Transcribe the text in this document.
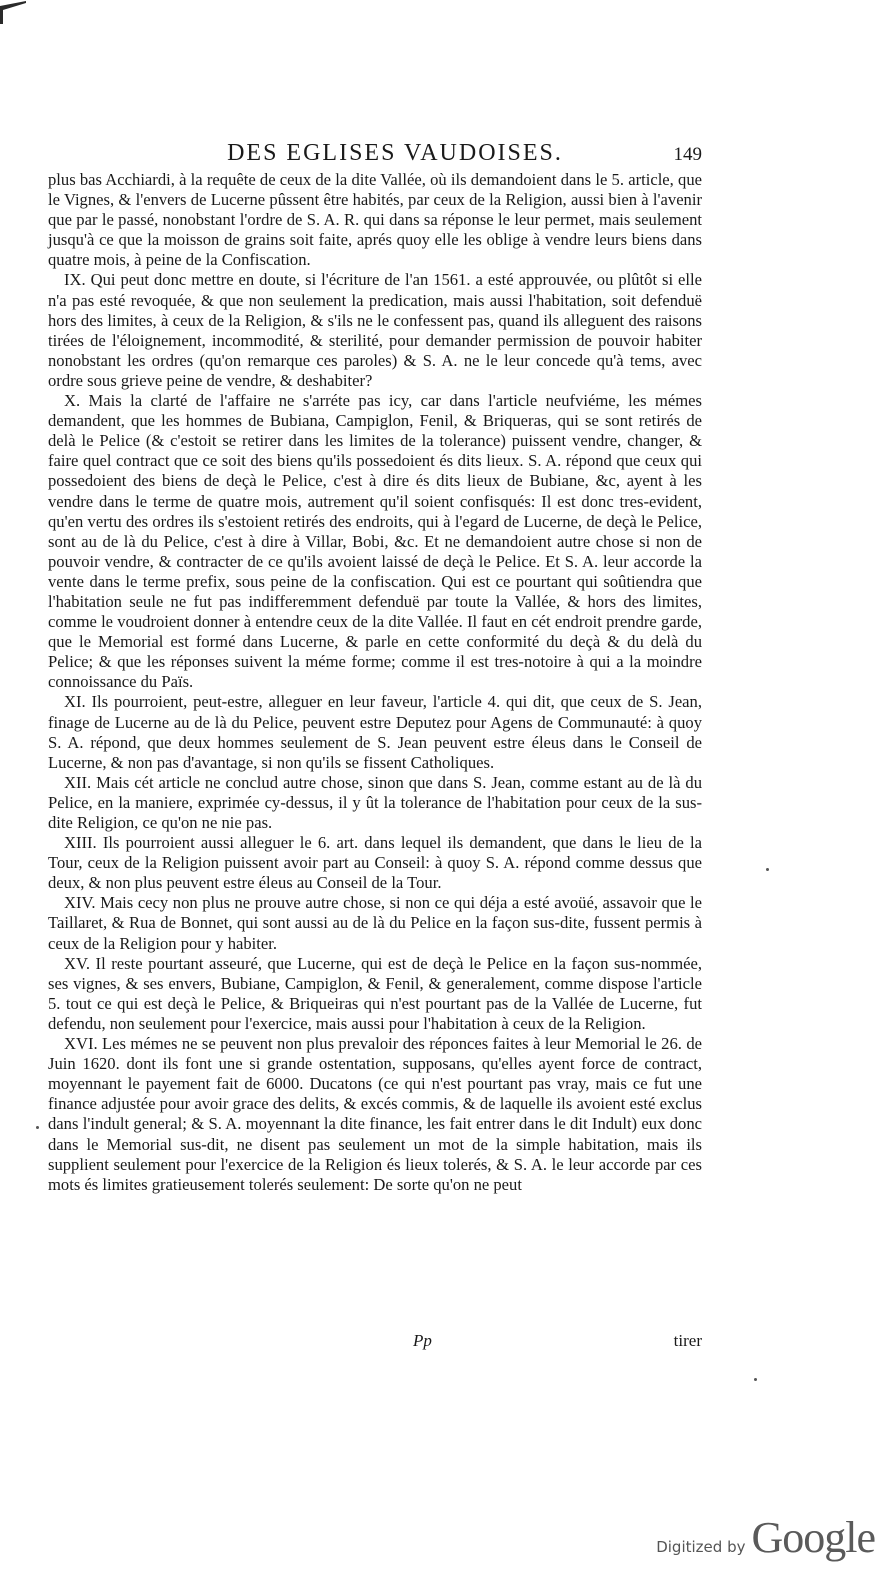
DES EGLISES VAUDOISES.	149

plus bas Acchiardi, à la requête de ceux de la dite Vallée, où ils demandoient dans le 5. article, que le Vignes, & l'envers de Lucerne pûssent être habités, par ceux de la Religion, aussi bien à l'avenir que par le passé, nonobstant l'ordre de S. A. R. qui dans sa réponse le leur permet, mais seulement jusqu'à ce que la moisson de grains soit faite, aprés quoy elle les oblige à vendre leurs biens dans quatre mois, à peine de la Confiscation.

IX. Qui peut donc mettre en doute, si l'écriture de l'an 1561. a esté approuvée, ou plûtôt si elle n'a pas esté revoquée, & que non seulement la predication, mais aussi l'habitation, soit defenduë hors des limites, à ceux de la Religion, & s'ils ne le confessent pas, quand ils alleguent des raisons tirées de l'éloignement, incommodité, & sterilité, pour demander permission de pouvoir habiter nonobstant les ordres (qu'on remarque ces paroles) & S. A. ne le leur concede qu'à tems, avec ordre sous grieve peine de vendre, & deshabiter?

X. Mais la clarté de l'affaire ne s'arréte pas icy, car dans l'article neufviéme, les mémes demandent, que les hommes de Bubiana, Campiglon, Fenil, & Briqueras, qui se sont retirés de delà le Pelice (& c'estoit se retirer dans les limites de la tolerance) puissent vendre, changer, & faire quel contract que ce soit des biens qu'ils possedoient és dits lieux. S. A. répond que ceux qui possedoient des biens de deçà le Pelice, c'est à dire és dits lieux de Bubiane, &c, ayent à les vendre dans le terme de quatre mois, autrement qu'il soient confisqués: Il est donc tres-evident, qu'en vertu des ordres ils s'estoient retirés des endroits, qui à l'egard de Lucerne, de deçà le Pelice, sont au de là du Pelice, c'est à dire à Villar, Bobi, &c. Et ne demandoient autre chose si non de pouvoir vendre, & contracter de ce qu'ils avoient laissé de deçà le Pelice. Et S. A. leur accorde la vente dans le terme prefix, sous peine de la confiscation. Qui est ce pourtant qui soûtiendra que l'habitation seule ne fut pas indifferemment defenduë par toute la Vallée, & hors des limites, comme le voudroient donner à entendre ceux de la dite Vallée. Il faut en cét endroit prendre garde, que le Memorial est formé dans Lucerne, & parle en cette conformité du deçà & du delà du Pelice; & que les réponses suivent la méme forme; comme il est tres-notoire à qui a la moindre connoissance du Païs.

XI. Ils pourroient, peut-estre, alleguer en leur faveur, l'article 4. qui dit, que ceux de S. Jean, finage de Lucerne au de là du Pelice, peuvent estre Deputez pour Agens de Communauté: à quoy S. A. répond, que deux hommes seulement de S. Jean peuvent estre éleus dans le Conseil de Lucerne, & non pas d'avantage, si non qu'ils se fissent Catholiques.

XII. Mais cét article ne conclud autre chose, sinon que dans S. Jean, comme estant au de là du Pelice, en la maniere, exprimée cy-dessus, il y ût la tolerance de l'habitation pour ceux de la sus-dite Religion, ce qu'on ne nie pas.

XIII. Ils pourroient aussi alleguer le 6. art. dans lequel ils demandent, que dans le lieu de la Tour, ceux de la Religion puissent avoir part au Conseil: à quoy S. A. répond comme dessus que deux, & non plus peuvent estre éleus au Conseil de la Tour.

XIV. Mais cecy non plus ne prouve autre chose, si non ce qui déja a esté avoüé, assavoir que le Taillaret, & Rua de Bonnet, qui sont aussi au de là du Pelice en la façon sus-dite, fussent permis à ceux de la Religion pour y habiter.

XV. Il reste pourtant asseuré, que Lucerne, qui est de deçà le Pelice en la façon sus-nommée, ses vignes, & ses envers, Bubiane, Campiglon, & Fenil, & generalement, comme dispose l'article 5. tout ce qui est deçà le Pelice, & Briqueiras qui n'est pourtant pas de la Vallée de Lucerne, fut defendu, non seulement pour l'exercice, mais aussi pour l'habitation à ceux de la Religion.

XVI. Les mémes ne se peuvent non plus prevaloir des réponces faites à leur Memorial le 26. de Juin 1620. dont ils font une si grande ostentation, supposans, qu'elles ayent force de contract, moyennant le payement fait de 6000. Ducatons (ce qui n'est pourtant pas vray, mais ce fut une finance adjustée pour avoir grace des delits, & excés commis, & de laquelle ils avoient esté exclus dans l'indult general; & S. A. moyennant la dite finance, les fait entrer dans le dit Indult) eux donc dans le Memorial sus-dit, ne disent pas seulement un mot de la simple habitation, mais ils supplient seulement pour l'exercice de la Religion és lieux tolerés, & S. A. le leur accorde par ces mots és limites gratieusement tolerés seulement: De sorte qu'on ne peut

Pp	tirer
Digitized by Google
